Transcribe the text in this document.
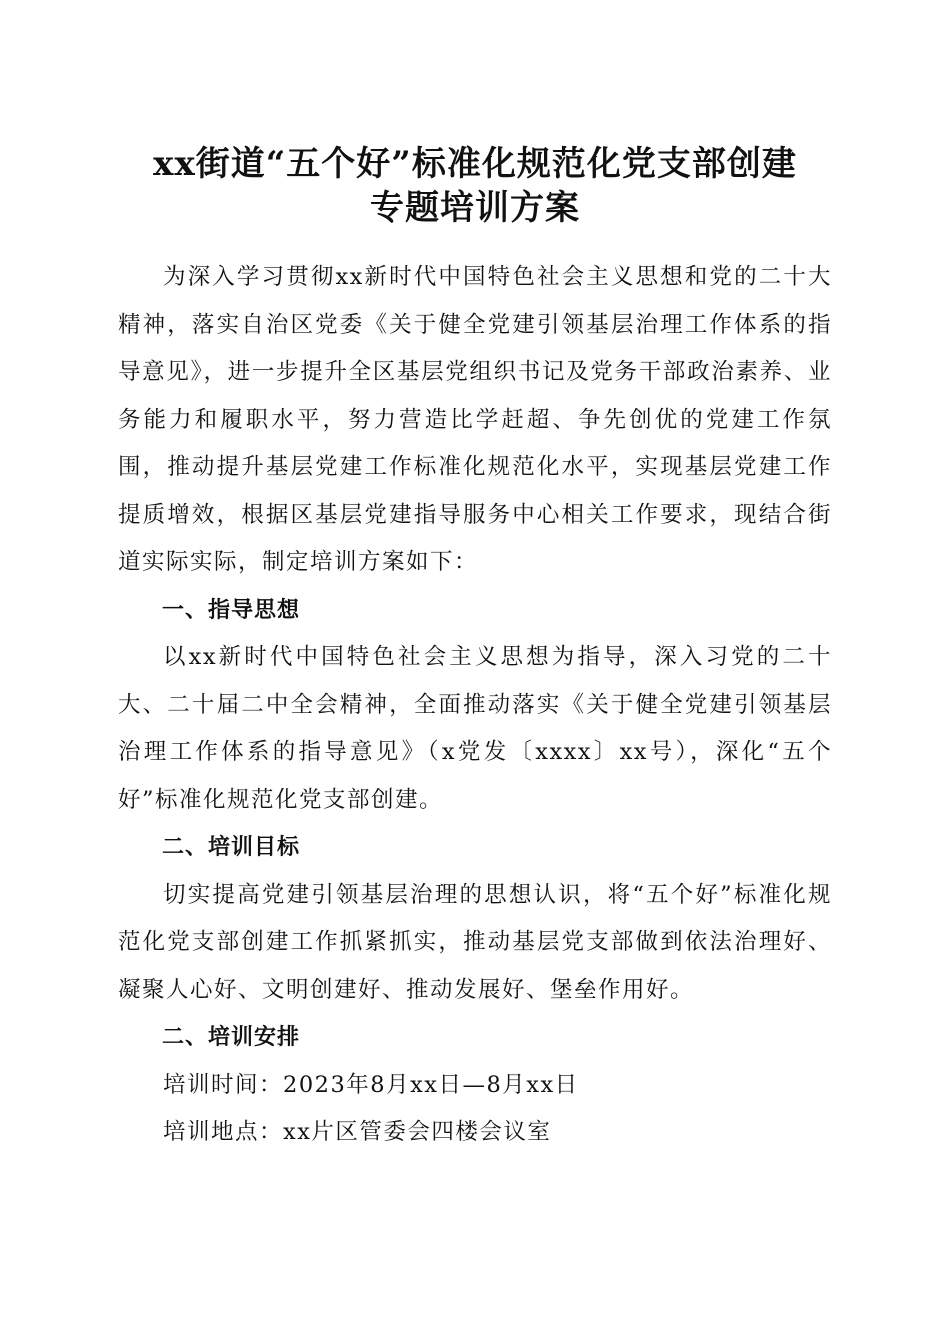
xx街道“五个好”标准化规范化党支部创建
专题培训方案

为深入学习贯彻xx新时代中国特色社会主义思想和党的二十大精神，落实自治区党委《关于健全党建引领基层治理工作体系的指导意见》，进一步提升全区基层党组织书记及党务干部政治素养、业务能力和履职水平，努力营造比学赶超、争先创优的党建工作氛围，推动提升基层党建工作标准化规范化水平，实现基层党建工作提质增效，根据区基层党建指导服务中心相关工作要求，现结合街道实际实际，制定培训方案如下：

一、指导思想

以xx新时代中国特色社会主义思想为指导，深入习党的二十大、二十届二中全会精神，全面推动落实《关于健全党建引领基层治理工作体系的指导意见》（x党发〔xxxx〕xx号），深化“五个好”标准化规范化党支部创建。

二、培训目标

切实提高党建引领基层治理的思想认识，将“五个好”标准化规范化党支部创建工作抓紧抓实，推动基层党支部做到依法治理好、凝聚人心好、文明创建好、推动发展好、堡垒作用好。

二、培训安排

培训时间：2023年8月xx日—8月xx日

培训地点：xx片区管委会四楼会议室
